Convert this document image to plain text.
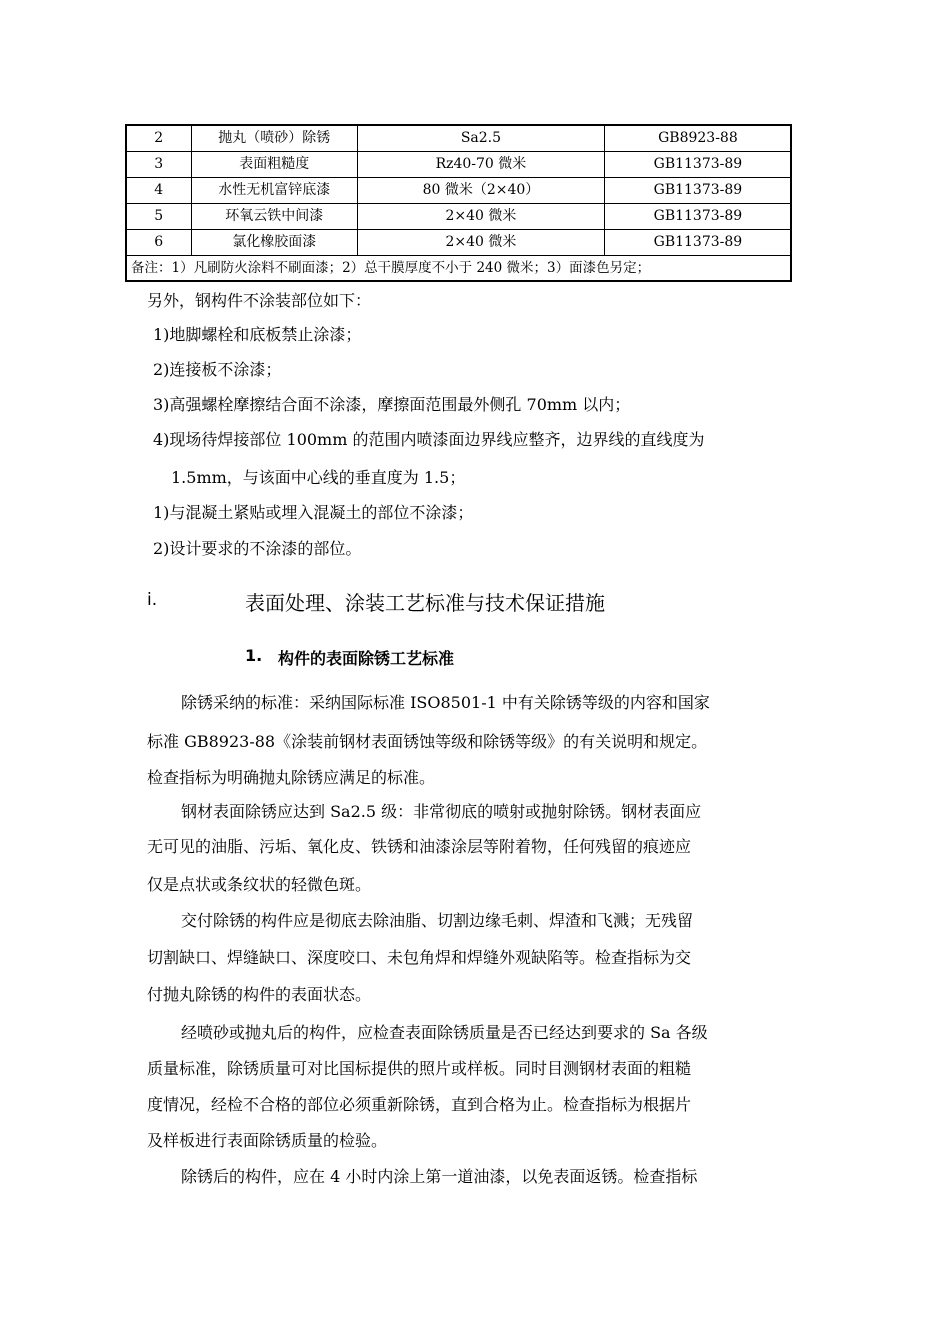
2	抛丸（喷砂）除锈	Sa2.5	GB8923-88
3	表面粗糙度	Rz40-70 微米	GB11373-89
4	水性无机富锌底漆	80 微米（2×40）	GB11373-89
5	环氧云铁中间漆	2×40 微米	GB11373-89
6	氯化橡胶面漆	2×40 微米	GB11373-89
备注：1）凡刷防火涂料不刷面漆；2）总干膜厚度不小于 240 微米；3）面漆色另定；			
另外，钢构件不涂装部位如下：
1)地脚螺栓和底板禁止涂漆；
2)连接板不涂漆；
3)高强螺栓摩擦结合面不涂漆，摩擦面范围最外侧孔 70mm 以内；
4)现场待焊接部位 100mm 的范围内喷漆面边界线应整齐，边界线的直线度为
1.5mm，与该面中心线的垂直度为 1.5；
1)与混凝土紧贴或埋入混凝土的部位不涂漆；
2)设计要求的不涂漆的部位。
i.	表面处理、涂装工艺标准与技术保证措施
1. 构件的表面除锈工艺标准
除锈采纳的标准：采纳国际标准 ISO8501-1 中有关除锈等级的内容和国家
标准 GB8923-88《涂装前钢材表面锈蚀等级和除锈等级》的有关说明和规定。
检查指标为明确抛丸除锈应满足的标准。
钢材表面除锈应达到 Sa2.5 级：非常彻底的喷射或抛射除锈。钢材表面应
无可见的油脂、污垢、氧化皮、铁锈和油漆涂层等附着物，任何残留的痕迹应
仅是点状或条纹状的轻微色斑。
交付除锈的构件应是彻底去除油脂、切割边缘毛刺、焊渣和飞溅；无残留
切割缺口、焊缝缺口、深度咬口、未包角焊和焊缝外观缺陷等。检查指标为交
付抛丸除锈的构件的表面状态。
经喷砂或抛丸后的构件，应检查表面除锈质量是否已经达到要求的 Sa 各级
质量标准，除锈质量可对比国标提供的照片或样板。同时目测钢材表面的粗糙
度情况，经检不合格的部位必须重新除锈，直到合格为止。检查指标为根据片
及样板进行表面除锈质量的检验。
除锈后的构件，应在 4 小时内涂上第一道油漆，以免表面返锈。检查指标
